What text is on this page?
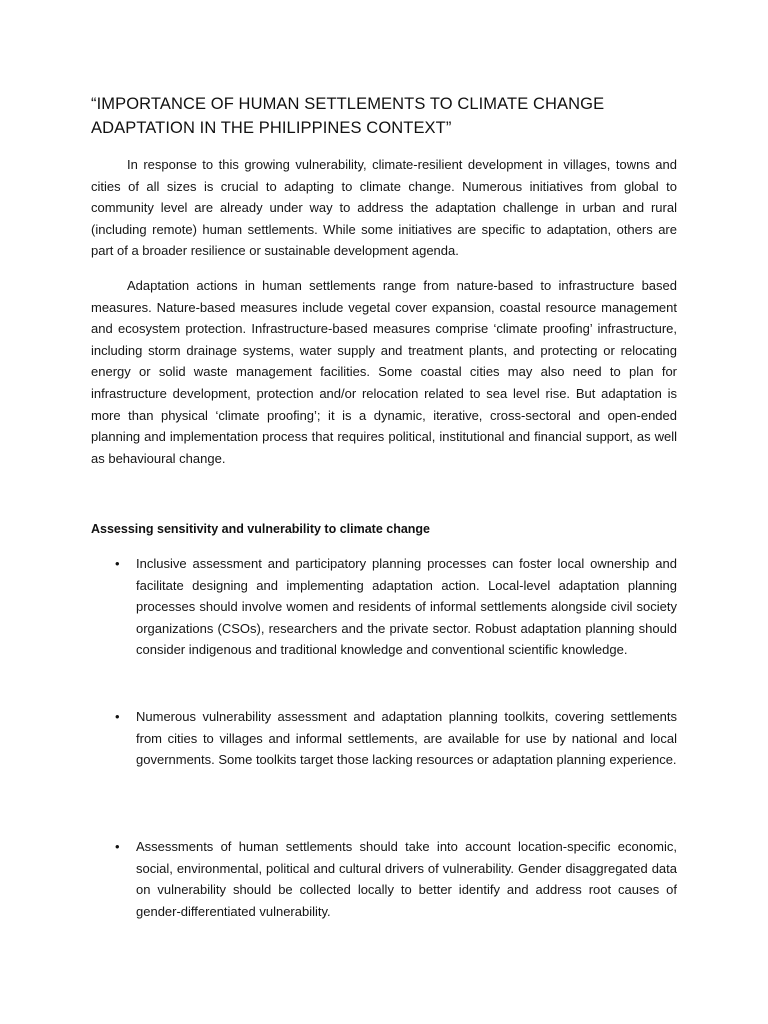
“IMPORTANCE OF HUMAN SETTLEMENTS TO CLIMATE CHANGE ADAPTATION IN THE PHILIPPINES CONTEXT”

In response to this growing vulnerability, climate-resilient development in villages, towns and cities of all sizes is crucial to adapting to climate change. Numerous initiatives from global to community level are already under way to address the adaptation challenge in urban and rural (including remote) human settlements. While some initiatives are specific to adaptation, others are part of a broader resilience or sustainable development agenda.

Adaptation actions in human settlements range from nature-based to infrastructure based measures. Nature-based measures include vegetal cover expansion, coastal resource management and ecosystem protection. Infrastructure-based measures comprise ‘climate proofing’ infrastructure, including storm drainage systems, water supply and treatment plants, and protecting or relocating energy or solid waste management facilities. Some coastal cities may also need to plan for infrastructure development, protection and/or relocation related to sea level rise. But adaptation is more than physical ‘climate proofing’; it is a dynamic, iterative, cross-sectoral and open-ended planning and implementation process that requires political, institutional and financial support, as well as behavioural change.

Assessing sensitivity and vulnerability to climate change
•	Inclusive assessment and participatory planning processes can foster local ownership and facilitate designing and implementing adaptation action. Local-level adaptation planning processes should involve women and residents of informal settlements alongside civil society organizations (CSOs), researchers and the private sector. Robust adaptation planning should consider indigenous and traditional knowledge and conventional scientific knowledge.

•	Numerous vulnerability assessment and adaptation planning toolkits, covering settlements from cities to villages and informal settlements, are available for use by national and local governments. Some toolkits target those lacking resources or adaptation planning experience.

•	Assessments of human settlements should take into account location-specific economic, social, environmental, political and cultural drivers of vulnerability. Gender disaggregated data on vulnerability should be collected locally to better identify and address root causes of gender-differentiated vulnerability.
